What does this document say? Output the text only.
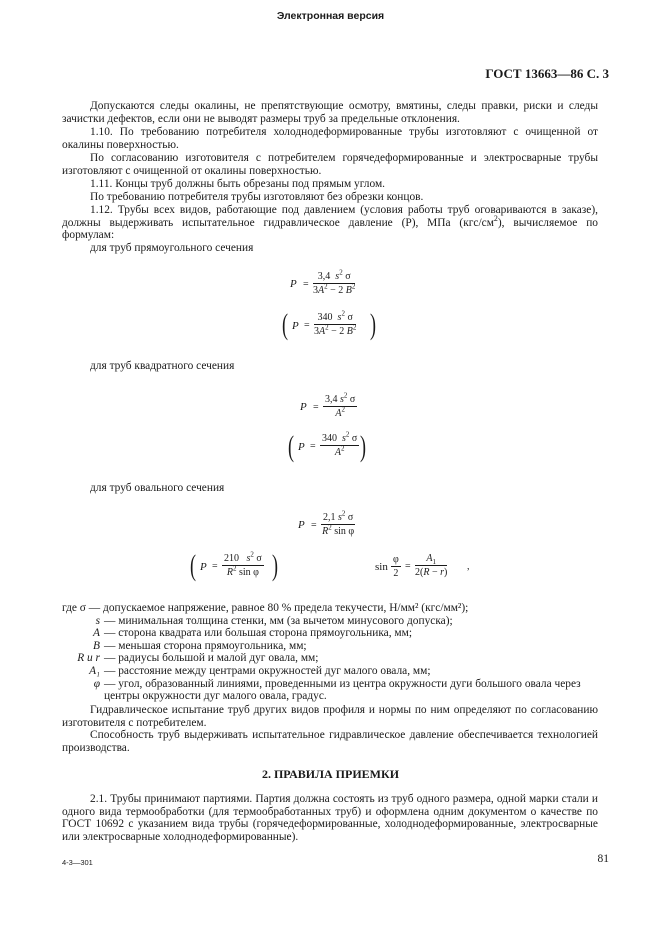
Электронная версия
ГОСТ 13663—86 С. 3
Допускаются следы окалины, не препятствующие осмотру, вмятины, следы правки, риски и следы зачистки дефектов, если они не выводят размеры труб за предельные отклонения.
1.10. По требованию потребителя холоднодеформированные трубы изготовляют с очищенной от окалины поверхностью.
По согласованию изготовителя с потребителем горячедеформированные и электросварные трубы изготовляют с очищенной от окалины поверхностью.
1.11. Концы труб должны быть обрезаны под прямым углом.
По требованию потребителя трубы изготовляют без обрезки концов.
1.12. Трубы всех видов, работающие под давлением (условия работы труб оговариваются в заказе), должны выдерживать испытательное гидравлическое давление (Р), МПа $(кгс/см^2)$, вычисляемое по формулам:
для труб прямоугольного сечения
$P = \frac{3,4 s^2 \sigma}{3A^2 - 2 B^2}$
( $P = \frac{340 s^2 \sigma}{3A^2 - 2 B^2}$ )
для труб квадратного сечения
$P = \frac{3,4 s^2 \sigma}{A^2}$
( $P = \frac{340 s^2 \sigma}{A^2}$ )
для труб овального сечения
$P = \frac{2,1 s^2 \sigma}{R^2 \sin \varphi}$
( $P = \frac{210 s^2 \sigma}{R^2 \sin \varphi}$ )	$\sin \frac{\varphi}{2} = \frac{A_1}{2(R - r)}$ ,
где σ — допускаемое напряжение, равное 80 % предела текучести, Н/мм² (кгс/мм²);
s — минимальная толщина стенки, мм (за вычетом минусового допуска);
A — сторона квадрата или большая сторона прямоугольника, мм;
B — меньшая сторона прямоугольника, мм;
R и r — радиусы большой и малой дуг овала, мм;
A₁ — расстояние между центрами окружностей дуг малого овала, мм;
φ — угол, образованный линиями, проведенными из центра окружности дуги большого овала через центры окружности дуг малого овала, градус.
Гидравлическое испытание труб других видов профиля и нормы по ним определяют по согласованию изготовителя с потребителем.
Способность труб выдерживать испытательное гидравлическое давление обеспечивается технологией производства.
2. ПРАВИЛА ПРИЕМКИ
2.1. Трубы принимают партиями. Партия должна состоять из труб одного размера, одной марки стали и одного вида термообработки (для термообработанных труб) и оформлена одним документом о качестве по ГОСТ 10692 с указанием вида трубы (горячедеформированные, холоднодеформированные, электросварные или электросварные холоднодеформированные).
4-3—301	81
